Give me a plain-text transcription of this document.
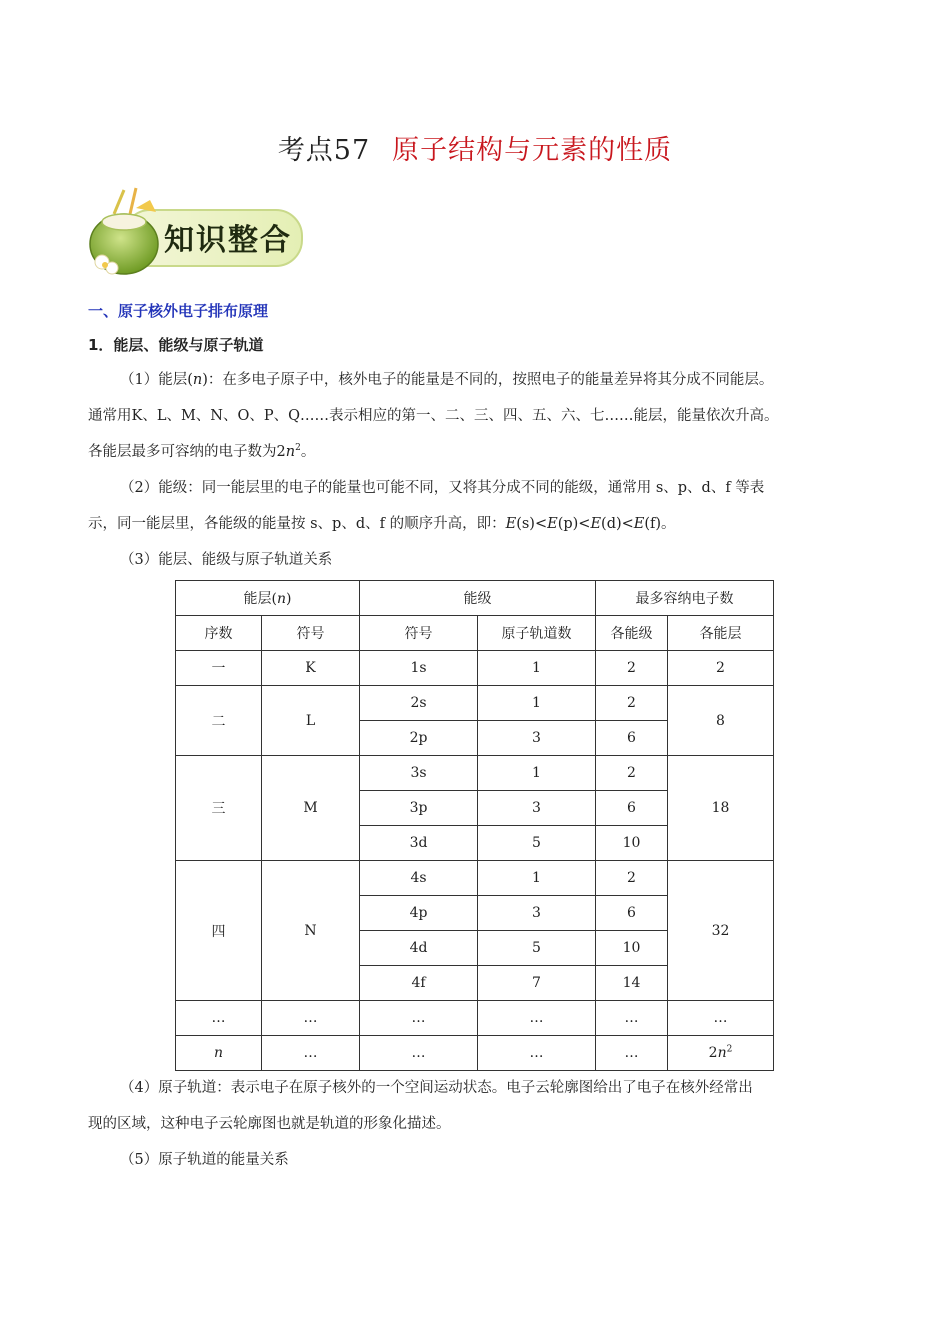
考点57 原子结构与元素的性质
知识整合
一、原子核外电子排布原理
1．能层、能级与原子轨道
（1）能层(n)：在多电子原子中，核外电子的能量是不同的，按照电子的能量差异将其分成不同能层。
通常用K、L、M、N、O、P、Q……表示相应的第一、二、三、四、五、六、七……能层，能量依次升高。
各能层最多可容纳的电子数为$2n^2$。
（2）能级：同一能层里的电子的能量也可能不同，又将其分成不同的能级，通常用 s、p、d、f 等表
示，同一能层里，各能级的能量按 s、p、d、f 的顺序升高，即：E(s)<E(p)<E(d)<E(f)。
（3）能层、能级与原子轨道关系
能层(n)		能级		最多容纳电子数	
序数	符号	符号	原子轨道数	各能级	各能层
一	K	1s	1	2	2
二	L	2s	1	2	8
		2p	3	6	
三	M	3s	1	2	18
		3p	3	6	
		3d	5	10	
四	N	4s	1	2	32
		4p	3	6	
		4d	5	10	
		4f	7	14	
…	…	…	…	…	…
n	…	…	…	…	$2n^2$
（4）原子轨道：表示电子在原子核外的一个空间运动状态。电子云轮廓图给出了电子在核外经常出
现的区域，这种电子云轮廓图也就是轨道的形象化描述。
（5）原子轨道的能量关系
